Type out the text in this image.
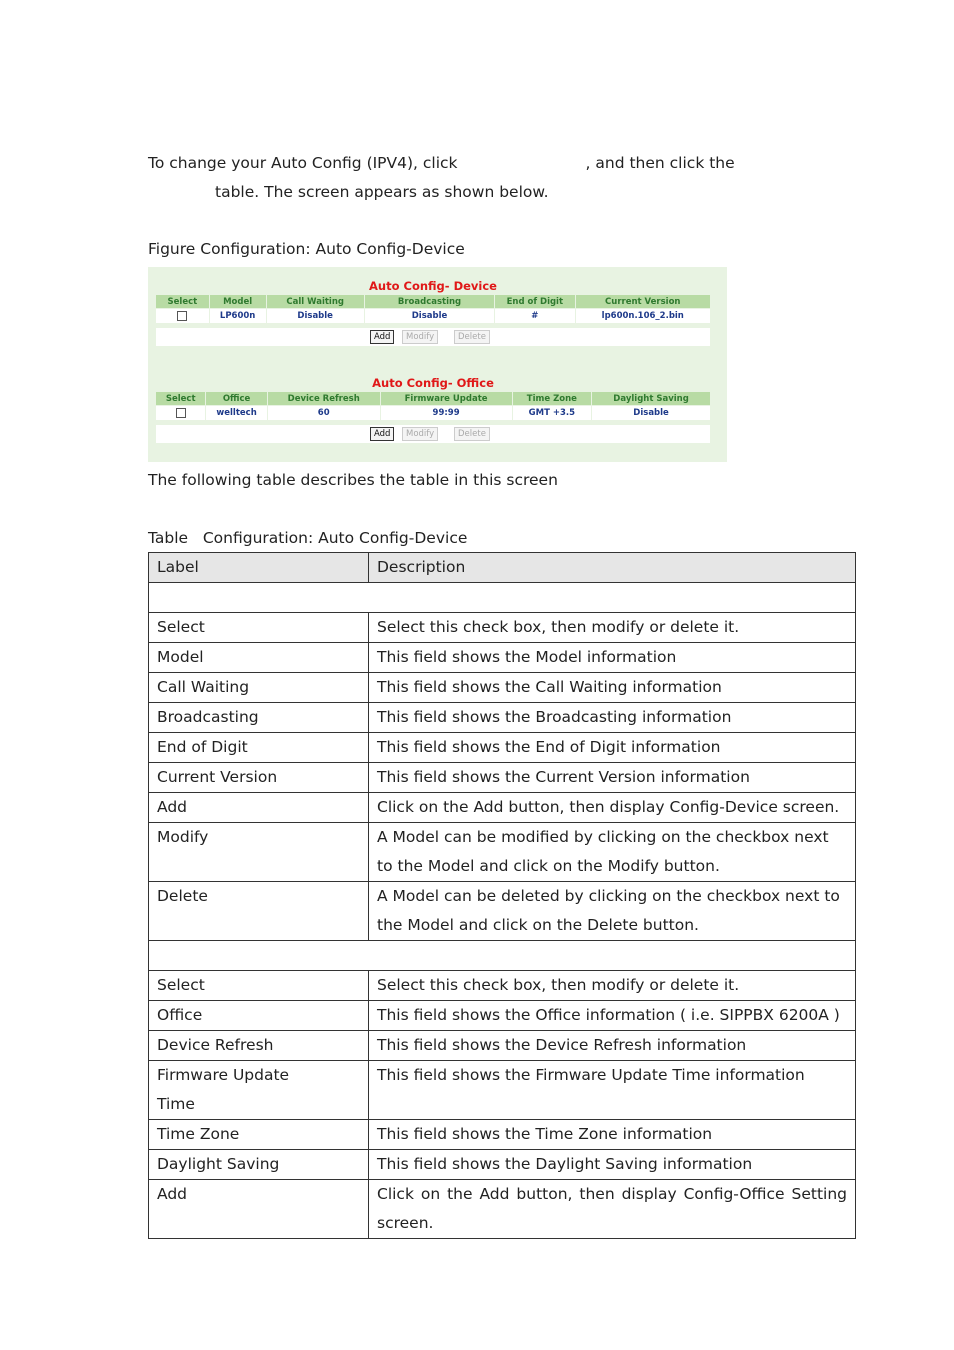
To change your Auto Config (IPV4), click	, and then click the
table. The screen appears as shown below.
Figure Configuration: Auto Config-Device
Auto Config- Device
Select	Model	Call Waiting	Broadcasting	End of Digit	Current Version
	LP600n	Disable	Disable	#	lp600n.106_2.bin
Add	Modify	Delete
Auto Config- Office
Select	Office	Device Refresh	Firmware Update	Time Zone	Daylight Saving
	welltech	60	99:99	GMT +3.5	Disable
Add	Modify	Delete
The following table describes the table in this screen
Table   Configuration: Auto Config-Device
Label	Description

Select	Select this check box, then modify or delete it.
Model	This field shows the Model information
Call Waiting	This field shows the Call Waiting information
Broadcasting	This field shows the Broadcasting information
End of Digit	This field shows the End of Digit information
Current Version	This field shows the Current Version information
Add	Click on the Add button, then display Config-Device screen.
Modify	A Model can be modified by clicking on the checkbox next to the Model and click on the Modify button.
Delete	A Model can be deleted by clicking on the checkbox next to the Model and click on the Delete button.

Select	Select this check box, then modify or delete it.
Office	This field shows the Office information ( i.e. SIPPBX 6200A )
Device Refresh	This field shows the Device Refresh information
Firmware Update Time	This field shows the Firmware Update Time information
Time Zone	This field shows the Time Zone information
Daylight Saving	This field shows the Daylight Saving information
Add	Click on the Add button, then display Config-Office Setting screen.
